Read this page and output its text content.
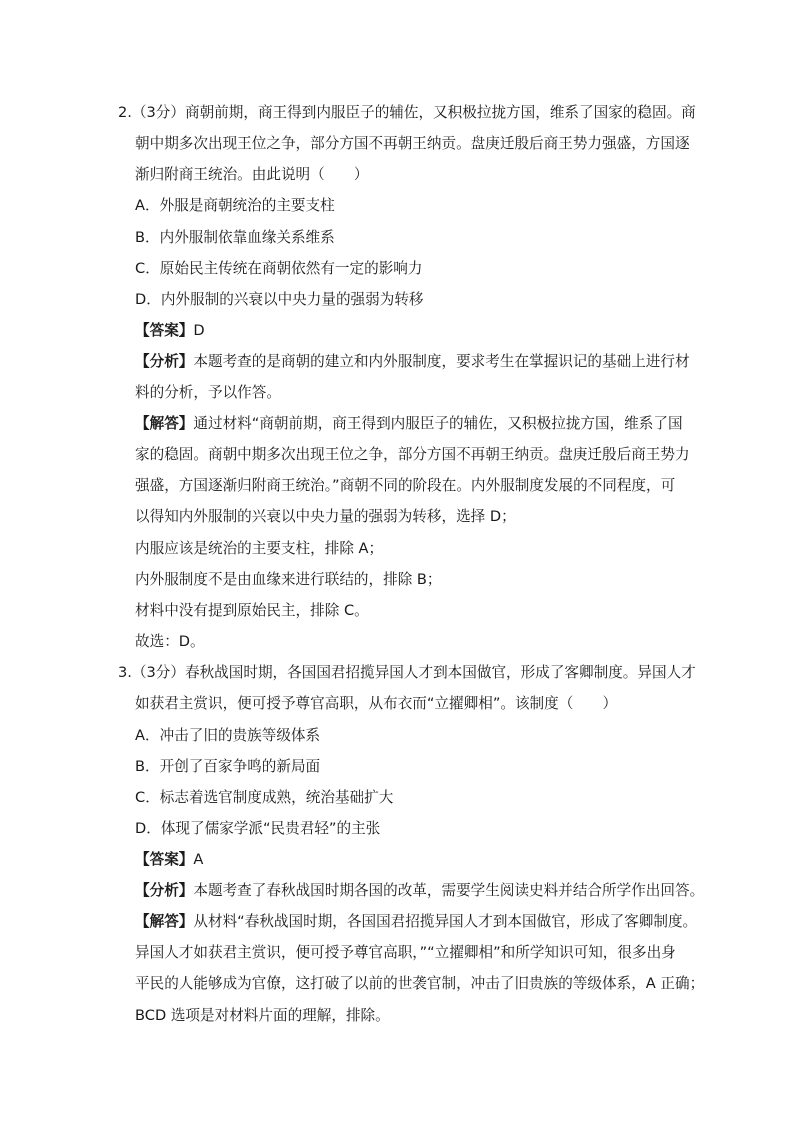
2.（3分）商朝前期，商王得到内服臣子的辅佐，又积极拉拢方国，维系了国家的稳固。商
朝中期多次出现王位之争，部分方国不再朝王纳贡。盘庚迁殷后商王势力强盛，方国逐
渐归附商王统治。由此说明（　　）
A．外服是商朝统治的主要支柱
B．内外服制依靠血缘关系维系
C．原始民主传统在商朝依然有一定的影响力
D．内外服制的兴衰以中央力量的强弱为转移
【答案】D
【分析】本题考查的是商朝的建立和内外服制度，要求考生在掌握识记的基础上进行材
料的分析，予以作答。
【解答】通过材料“商朝前期，商王得到内服臣子的辅佐，又积极拉拢方国，维系了国
家的稳固。商朝中期多次出现王位之争，部分方国不再朝王纳贡。盘庚迁殷后商王势力
强盛，方国逐渐归附商王统治。”商朝不同的阶段在。内外服制度发展的不同程度，可
以得知内外服制的兴衰以中央力量的强弱为转移，选择 D；
内服应该是统治的主要支柱，排除 A；
内外服制度不是由血缘来进行联结的，排除 B；
材料中没有提到原始民主，排除 C。
故选：D。
3.（3分）春秋战国时期，各国国君招揽异国人才到本国做官，形成了客卿制度。异国人才
如获君主赏识，便可授予尊官高职，从布衣而“立擢卿相”。该制度（　　）
A．冲击了旧的贵族等级体系
B．开创了百家争鸣的新局面
C．标志着选官制度成熟，统治基础扩大
D．体现了儒家学派“民贵君轻”的主张
【答案】A
【分析】本题考查了春秋战国时期各国的改革，需要学生阅读史料并结合所学作出回答。
【解答】从材料“春秋战国时期，各国国君招揽异国人才到本国做官，形成了客卿制度。
异国人才如获君主赏识，便可授予尊官高职，”“立擢卿相”和所学知识可知，很多出身
平民的人能够成为官僚，这打破了以前的世袭官制，冲击了旧贵族的等级体系，A 正确；
BCD 选项是对材料片面的理解，排除。
